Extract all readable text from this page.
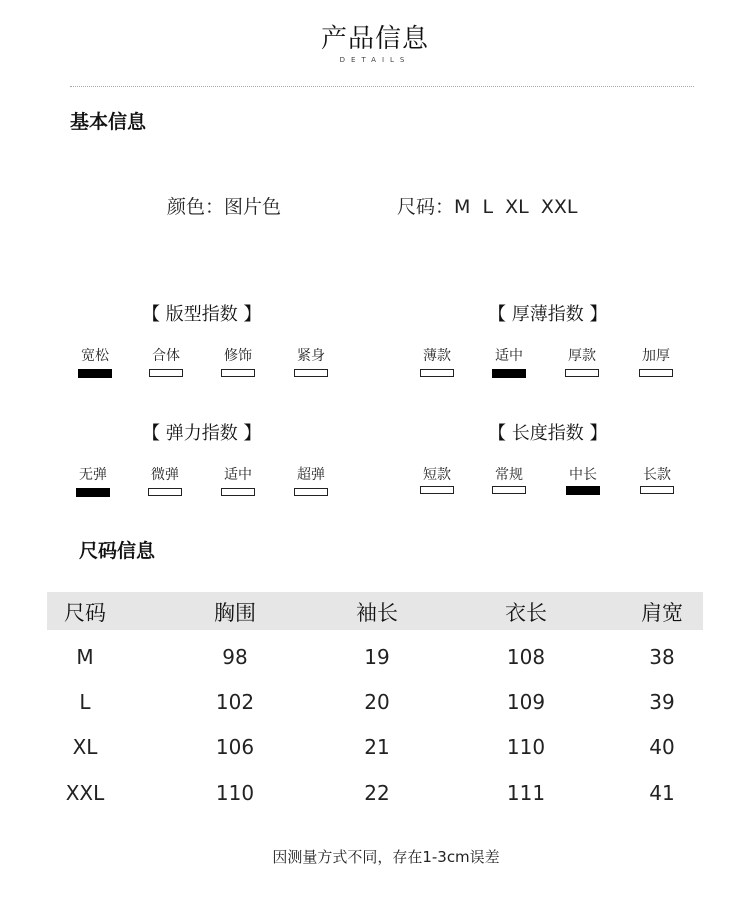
产品信息
DETAILS
基本信息
颜色：图片色	尺码：M  L  XL  XXL
【 版型指数 】	【 厚薄指数 】
【 弹力指数 】	【 长度指数 】
宽松	合体	修饰	紧身	薄款	适中	厚款	加厚
无弹	微弹	适中	超弹	短款	常规	中长	长款
尺码信息
尺码	胸围	袖长	衣长	肩宽
M	98	19	108	38
L	102	20	109	39
XL	106	21	110	40
XXL	110	22	111	41
因测量方式不同，存在1-3cm误差
